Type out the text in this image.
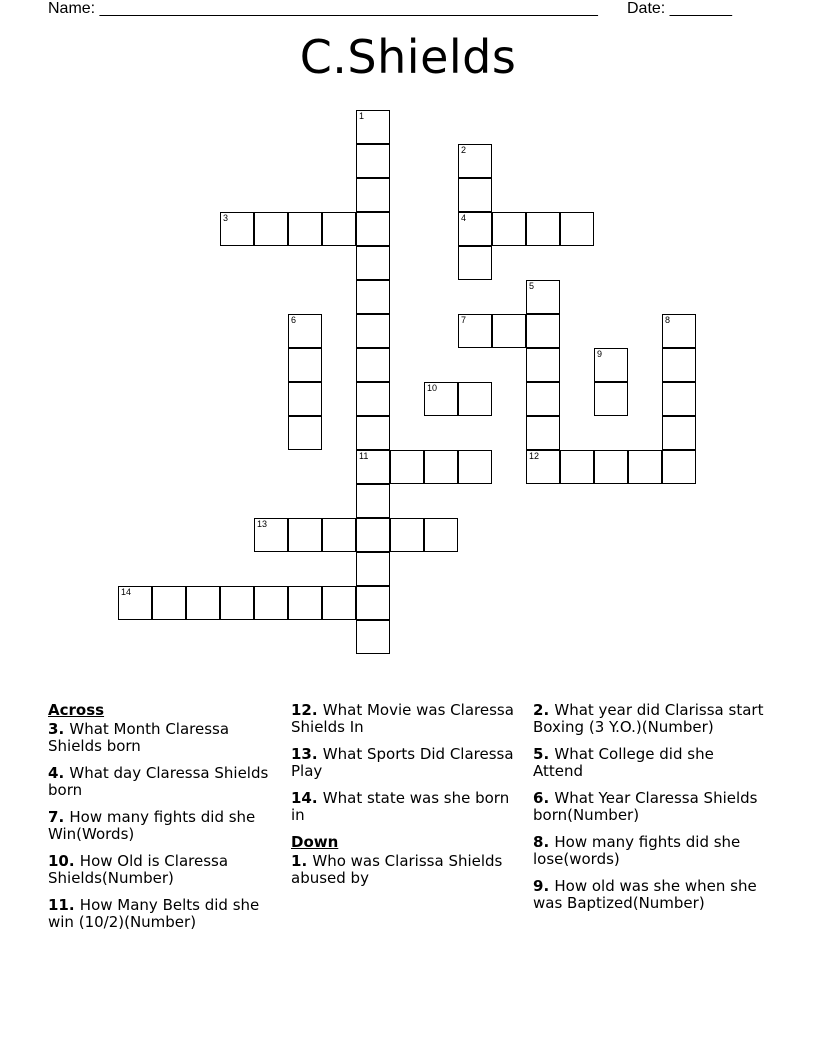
Name: ________________________________________________________ Date: _______
C.Shields
1
11
2
4
3
5
12
6	7	8
9
10
13
14
Across
3. What Month Claressa Shields born
4. What day Claressa Shields born
7. How many fights did she Win(Words)
10. How Old is Claressa Shields(Number)
11. How Many Belts did she win (10/2)(Number)
12. What Movie was Claressa Shields In
13. What Sports Did Claressa Play
14. What state was she born in
Down
1. Who was Clarissa Shields abused by
2. What year did Clarissa start Boxing (3 Y.O.)(Number)
5. What College did she Attend
6. What Year Claressa Shields born(Number)
8. How many fights did she lose(words)
9. How old was she when she was Baptized(Number)
